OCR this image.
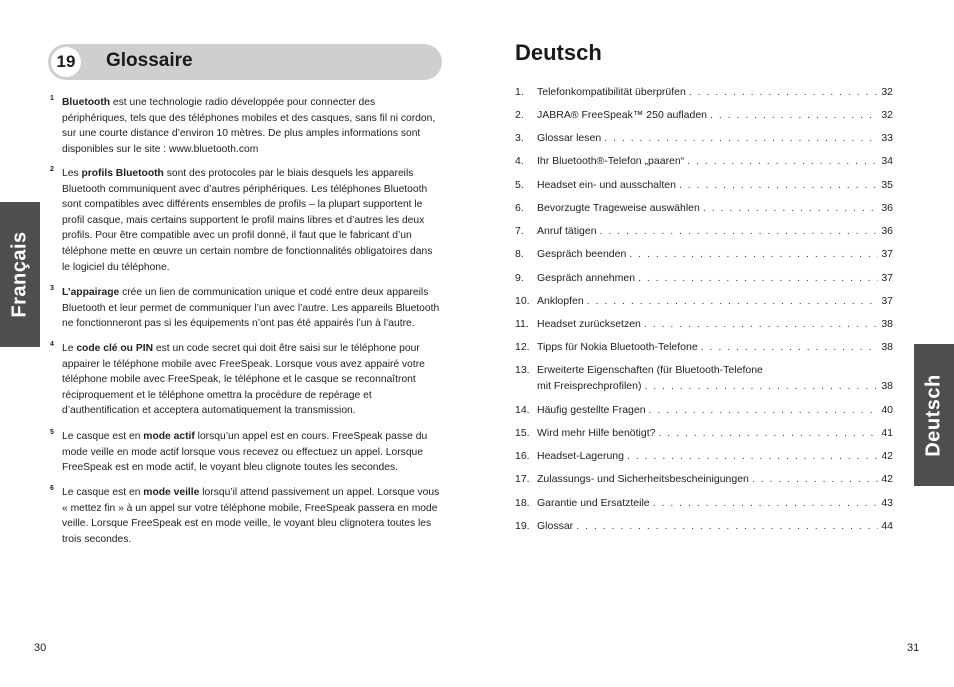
19 Glossaire
1 Bluetooth est une technologie radio développée pour connecter des périphériques, tels que des téléphones mobiles et des casques, sans fil ni cordon, sur une courte distance d’environ 10 mètres. De plus amples informations sont disponibles sur le site : www.bluetooth.com
2 Les profils Bluetooth sont des protocoles par le biais desquels les appareils Bluetooth communiquent avec d’autres périphériques. Les téléphones Bluetooth sont compatibles avec différents ensembles de profils – la plupart supportent le profil casque, mais certains supportent le profil mains libres et d’autres les deux profils. Pour être compatible avec un profil donné, il faut que le fabricant d’un téléphone mette en œuvre un certain nombre de fonctionnalités obligatoires dans le logiciel du téléphone.
3 L’appairage crée un lien de communication unique et codé entre deux appareils Bluetooth et leur permet de communiquer l’un avec l’autre. Les appareils Bluetooth ne fonctionneront pas si les équipements n’ont pas été appairés l’un à l’autre.
4 Le code clé ou PIN est un code secret qui doit être saisi sur le téléphone pour appairer le téléphone mobile avec FreeSpeak. Lorsque vous avez appairé votre téléphone mobile avec FreeSpeak, le téléphone et le casque se reconnaîtront réciproquement et le téléphone omettra la procédure de repérage et d’authentification et acceptera automatiquement la transmission.
5 Le casque est en mode actif lorsqu’un appel est en cours. FreeSpeak passe du mode veille en mode actif lorsque vous recevez ou effectuez un appel. Lorsque FreeSpeak est en mode actif, le voyant bleu clignote toutes les secondes.
6 Le casque est en mode veille lorsqu’il attend passivement un appel. Lorsque vous « mettez fin » à un appel sur votre téléphone mobile, FreeSpeak passera en mode veille. Lorsque FreeSpeak est en mode veille, le voyant bleu clignotera toutes les trois secondes.
Français
30
Deutsch
1.	Telefonkompatibilität überprüfen . . .	32
2.	JABRA® FreeSpeak™ 250 aufladen . . .	32
3.	Glossar lesen . . .	33
4.	Ihr Bluetooth®-Telefon „paaren“ . . .	34
5.	Headset ein- und ausschalten . . .	35
6.	Bevorzugte Trageweise auswählen . . .	36
7.	Anruf tätigen . . .	36
8.	Gespräch beenden . . .	37
9.	Gespräch annehmen . . .	37
10. Anklopfen . . .	37
11. Headset zurücksetzen . . .	38
12. Tipps für Nokia Bluetooth-Telefone . . .	38
13. Erweiterte Eigenschaften (für Bluetooth-Telefone
mit Freisprechprofilen) . . .	38
14. Häufig gestellte Fragen . . .	40
15. Wird mehr Hilfe benötigt? . . .	41
16. Headset-Lagerung . . .	42
17. Zulassungs- und Sicherheitsbescheinigungen . . .	42
18. Garantie und Ersatzteile . . .	43
19. Glossar . . .	44
Deutsch
31
